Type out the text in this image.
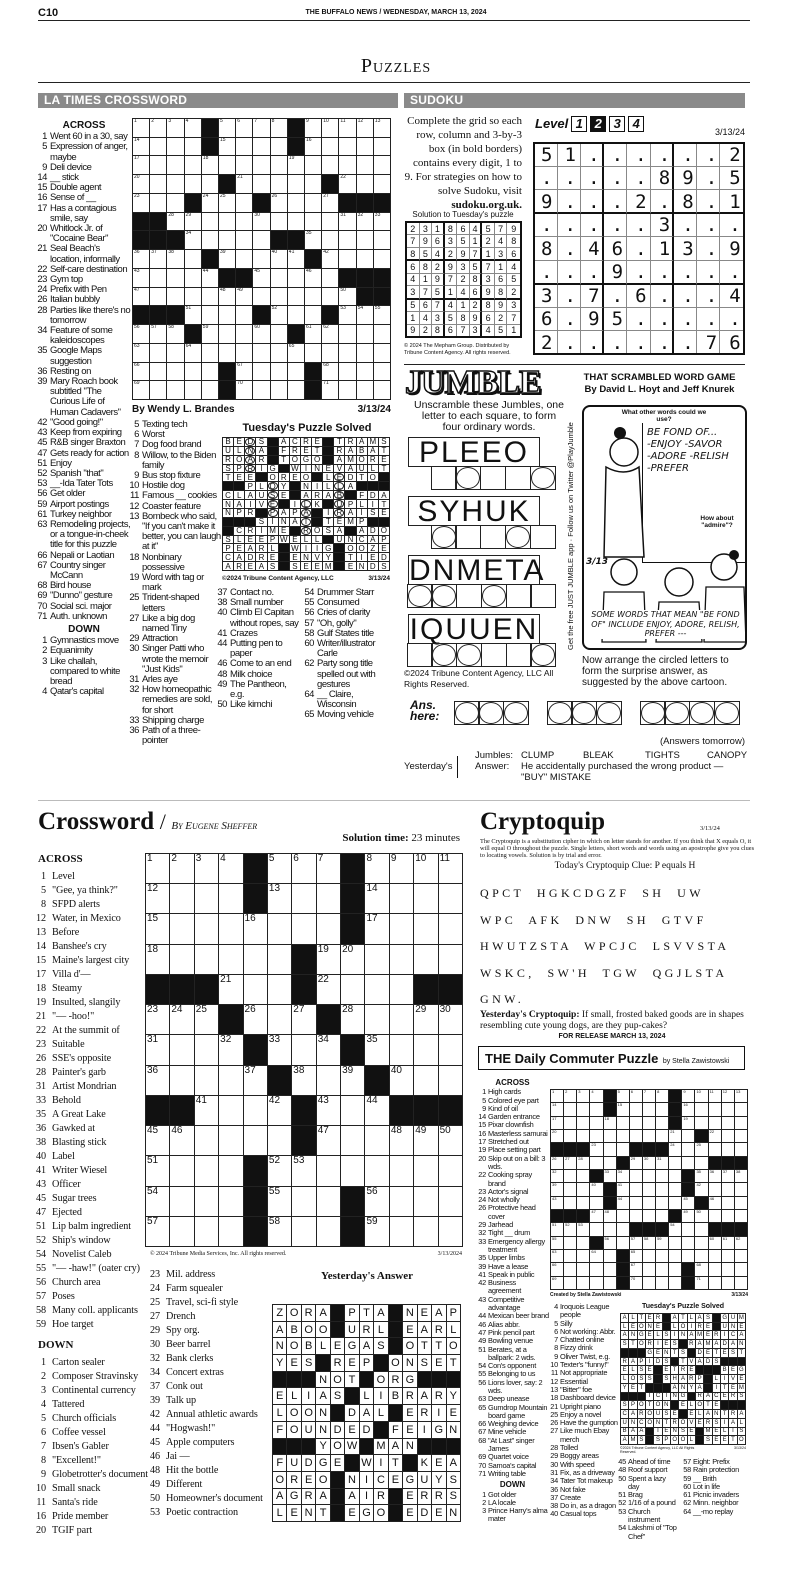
C10	THE BUFFALO NEWS / WEDNESDAY, MARCH 13, 2024
Puzzles
LA TIMES CROSSWORD
ACROSS
1 Went 60 in a 30, say
5 Expression of anger, maybe
9 Deli device
14 __ stick
15 Double agent
16 Sense of __
17 Has a contagious smile, say
20 Whitlock Jr. of "Cocaine Bear"
21 Seal Beach's location, informally
22 Self-care destination
23 Gym top
24 Prefix with Pen
26 Italian bubbly
28 Parties like there's no tomorrow
34 Feature of some kaleidoscopes
35 Google Maps suggestion
36 Resting on
39 Mary Roach book subtitled "The Curious Life of Human Cadavers"
42 "Good going!"
43 Keep from expiring
45 R&B singer Braxton
47 Gets ready for action
51 Enjoy
52 Spanish "that"
53 __-Ida Tater Tots
56 Get older
59 Airport postings
61 Turkey neighbor
63 Remodeling projects, or a tongue-in-cheek title for this puzzle
66 Nepali or Laotian
67 Country singer McCann
68 Bird house
69 "Dunno" gesture
70 Social sci. major
71 Auth. unknown
DOWN
1 Gymnastics move
2 Equanimity
3 Like challah, compared to white bread
4 Qatar's capital
1	2	3	4	5	6	7	8	9	10 11 12 13
14	15	16
17	18	19
20	21	22
23	24 25	26	27
28 29	30	31 32 33
34	35
36 37 38	39	40 41	42
43	44	45	46
47	48 49	50
51	52	53 54 55
56 57 58	59	60	61 62
63	64	65
66	67	68
69	70	71
By Wendy L. Brandes	3/13/24
5 Texting tech
6 Worst
7 Dog food brand
8 Willow, to the Biden family
9 Bus stop fixture
10 Hostile dog
11 Famous __ cookies
12 Coaster feature
13 Bombeck who said, "If you can't make it better, you can laugh at it"
18 Nonbinary possessive
19 Word with tag or mark
25 Trident-shaped letters
27 Like a big dog named Tiny
29 Attraction
30 Singer Patti who wrote the memoir "Just Kids"
31 Arles aye
32 How homeopathic remedies are sold, for short
33 Shipping charge
36 Path of a three-pointer
Tuesday's Puzzle Solved
B E D S	A C R E	T R A M S
U L N A	F R E T	R A B A T
R O A R	T O G O A M O R E
S P R I G W I N E V A U L T
T E E O R E O	L E D T O
P L O Y	N I L L A
C L A U S E	A R A B	F D A
N A I V E	I L K U P L I T
N P R P A P A	I R A I S E
S I N A I	T E M P
C R I M E	R O S A A D O
S L E E P W E L L	U N C A P
P E A R L	W I	I G O O Z E
C A D R E E N V Y	T I E D
A R E A S S E E M E N D S
©2024 Tribune Content Agency, LLC	3/13/24
37 Contact no.
38 Small number
40 Climb El Capitan without ropes, say
41 Crazes
44 Putting pen to paper
46 Come to an end
48 Milk choice
49 The Pantheon, e.g.
50 Like kimchi
54 Drummer Starr
55 Consumed
56 Cries of clarity
57 "Oh, golly"
58 Gulf States title
60 Writer/illustrator Carle
62 Party song title spelled out with gestures
64 __ Claire, Wisconsin
65 Moving vehicle
SUDOKU
Complete the grid so each row, column and 3-by-3 box (in bold borders) contains every digit, 1 to 9. For strategies on how to solve Sudoku, visit sudoku.org.uk.
Solution to Tuesday's puzzle
2 3 1 8 6 4 5 7 9
7 9 6 3 5 1 2 4 8
8 5 4 2 9 7 1 3 6
6 8 2 9 3 5 7 1 4
4 1 9 7 2 8 3 6 5
3 7 5 1 4 6 9 8 2
5 6 7 4 1 2 8 9 3
1 4 3 5 8 9 6 2 7
9 2 8 6 7 3 4 5 1
© 2024 The Mepham Group. Distributed by Tribune Content Agency. All rights reserved.
Level 1 2 3 4
3/13/24
51......2
.....89.5
9...2.8.1
.....3...
8.46.13.9
...9.....
3.7.6...4
6.95.....
2......76
JUMBLE	THAT SCRAMBLED WORD GAME
By David L. Hoyt and Jeff Knurek
Unscramble these Jumbles, one letter to each square, to form four ordinary words.
PLEEO
SYHUK
DNMETA
IQUUEN	Get the free JUST JUMBLE app · Follow us on Twitter @PlayJumble
What other words could we use?
BE FOND OF...
-ENJOY -SAVOR
-ADORE -RELISH
-PREFER
How about "admire"?
3/13
SOME WORDS THAT MEAN "BE FOND OF" INCLUDE ENJOY, ADORE, RELISH, PREFER ---
©2024 Tribune Content Agency, LLC All Rights Reserved.
Now arrange the circled letters to form the surprise answer, as suggested by the above cartoon.
Ans. here:
(Answers tomorrow)
Yesterday's
Jumbles: CLUMP	BLEAK	TIGHTS	CANOPY
Answer:	He accidentally purchased the wrong product — "BUY" MISTAKE
Crossword / By Eugene Sheffer
Solution time: 23 minutes
ACROSS
1 Level
5 "Gee, ya think?"
8 SFPD alerts
12 Water, in Mexico
13 Before
14 Banshee's cry
15 Maine's largest city
17 Villa d'—
18 Steamy
19 Insulted, slangily
21 "— -hoo!"
22 At the summit of
23 Suitable
26 SSE's opposite
28 Painter's garb
31 Artist Mondrian
33 Behold
35 A Great Lake
36 Gawked at
38 Blasting stick
40 Label
41 Writer Wiesel
43 Officer
45 Sugar trees
47 Ejected
51 Lip balm ingredient
52 Ship's window
54 Novelist Caleb
55 "— -haw!" (oater cry)
56 Church area
57 Poses
58 Many coll. applicants
59 Hoe target
DOWN
1 Carton sealer
2 Composer Stravinsky
3 Continental currency
4 Tattered
5 Church officials
6 Coffee vessel
7 Ibsen's Gabler
8 "Excellent!"
9 Globetrotter's document
10 Small snack
11 Santa's ride
16 Pride member
20 TGIF part
1 2 3 4	5 6 7	8 9 10 11
12	13	14
15	16	17
18	19 20
21	22
23 24 25	26	27	28	29 30
31	32	33	34	35
36	37	38	39	40
41	42	43	44
45 46	47	48 49 50
51	52 53
54	55	56
57	58	59
© 2024 Tribune Media Services, Inc. All rights reserved.	3/13/2024
23 Mil. address
24 Farm squealer
25 Travel, sci-fi style
27 Drench
29 Spy org.
30 Beer barrel
32 Bank clerks
34 Concert extras
37 Conk out
39 Talk up
42 Annual athletic awards
44 "Hogwash!"
45 Apple computers
46 Jai —
48 Hit the bottle
49 Different
50 Homeowner's document
53 Poetic contraction
Yesterday's Answer
Z O R A P T A N E A P
A B O O U R L	E A R L
N O B L E G A S O T T O
Y E S R E P O N S E T
N O T	O R G
E L I A S	L I B R A R Y
L O O N D A L	E R I E
F O U N D E D	F E I G N
Y O W M A N
F U D G E W I T	K E A
O R E O N I C E G U Y S
A G R A A I R E R R S
L E N T	E G O E D E N
Cryptoquip	3/13/24
The Cryptoquip is a substitution cipher in which on letter stands for another. If you think that X equals O, it will equal O throughout the puzzle. Single letters, short words and words using an apostrophe give you clues to locating vowels. Solution is by trial and error.
Today's Cryptoquip Clue: P equals H
QPCT  HGKCDGZF  SH  UW
WPC  AFK  DNW  SH  GTVF
HWUTZSTA  WPCJC  LSVVSTA
WSKC,  SW'H  TGW  QGJLSTA
GNW.
Yesterday's Cryptoquip: If small, frosted baked goods are in shapes resembling cute young dogs, are they pup-cakes?
FOR RELEASE MARCH 13, 2024
THE Daily Commuter Puzzle by Stella Zawistowski
ACROSS
1 High cards
5 Colored eye part
9 Kind of oil
14 Garden entrance
15 Pixar clownfish
16 Masterless samurai
17 Stretched out
19 Place setting part
20 Skip out on a bill: 3 wds.
22 Cooking spray brand
23 Actor's signal
24 Not wholly
26 Protective head cover
29 Jarhead
32 Tight __ drum
33 Emergency allergy treatment
35 Upper limbs
39 Have a lease
41 Speak in public
42 Business agreement
43 Competitive advantage
44 Mexican beer brand
46 Alias abbr.
47 Pink pencil part
49 Bowling venue
51 Berates, at a ballpark: 2 wds.
54 Con's opponent
55 Belonging to us
56 Lions lover, say: 2 wds.
63 Deep unease
65 Gumdrop Mountain board game
66 Weighing device
67 Mine vehicle
68 "At Last" singer James
69 Quartet voice
70 Samoa's capital
71 Writing table
DOWN
1 Got older
2 LA locale
3 Prince Harry's alma mater
1	2	3	4	5	6	7	8	9	10 11 12 13
14	15	16
17	18	19
20	21	22
23	24	25
26 27 28	29 30 31
32	33 34	35 36 37 38
39	40	41	42
43	44	45	46
47 48	49 50
51 52 53	54
55	56	57 58 59	60 61 62
63	64	65
66	67	68
69	70	71
Created by Stella Zawistowski	3/13/24
4 Iroquois League people
5 Silly
6 Not working: Abbr.
7 Chatted online
8 Fizzy drink
9 Oliver Twist, e.g.
10 Texter's "funny!"
11 Not appropriate
12 Essential
13 "Bitter" foe
18 Dashboard device
21 Upright piano
25 Enjoy a novel
26 Have the gumption
27 Like much Ebay merch
28 Tolled
29 Boggy areas
30 With speed
31 Fix, as a driveway
34 Tater Tot makeup
36 Not fake
37 Create
38 Do in, as a dragon
40 Casual tops
Tuesday's Puzzle Solved
A L T E R A T L A S G U M
L E O N E	L O I R E U N E
A N G E L S I N A M E R I C A
S T O R I E S R A M A D A N
G E N T S D E T E S T
R A P I D S	T V A D S
E L S E E T R E	B E G
L O S S S H A R P	L I V E
Y E T	A N Y A	I T E M
I C I N G R A C E R S
S P O T O N E L O T E
C A R O U S E E L A N T R A
U N C O N T R O V E R S I A L
B A A	T E N S E M E L T S
A M S S P O O L	S E E T O
©2024 Tribune Content Agency, LLC All Rights Reserved.
3/13/24
45 Ahead of time
48 Roof support
50 Spent a lazy day
51 Brag
52 1/16 of a pound
53 Church instrument
54 Lakshmi of "Top Chef"
57 Eight: Prefix
58 Rain protection
59 __ Brith
60 Lot in life
61 Picnic invaders
62 Minn. neighbor
64 __-mo replay
